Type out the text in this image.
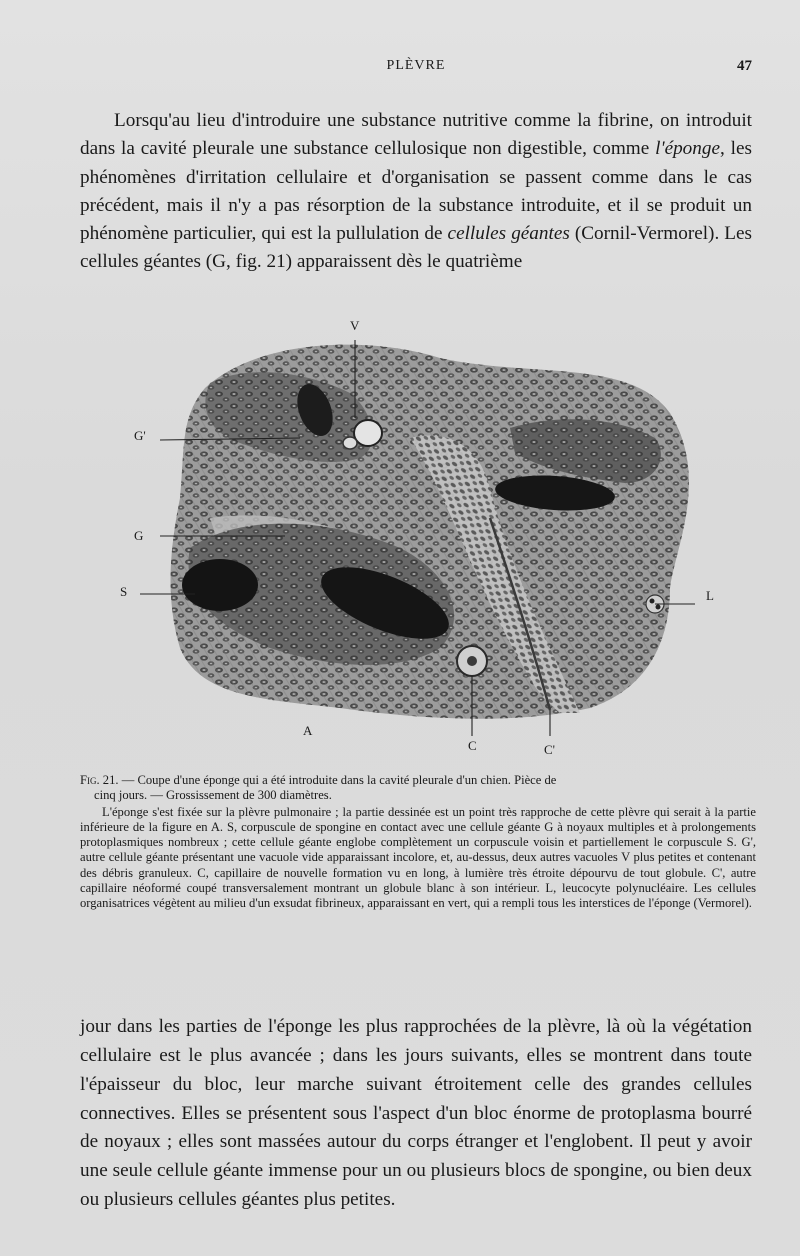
PLÈVRE	47

Lorsqu'au lieu d'introduire une substance nutritive comme la fibrine, on introduit dans la cavité pleurale une substance cellulosique non digestible, comme l'éponge, les phénomènes d'irritation cellulaire et d'organisation se passent comme dans le cas précédent, mais il n'y a pas résorption de la substance introduite, et il se produit un phénomène particulier, qui est la pullulation de cellules géantes (Cornil-Vermorel). Les cellules géantes (G, fig. 21) apparaissent dès le quatrième

V
G'
G
S	L
A
C	C'
Fig. 21. — Coupe d'une éponge qui a été introduite dans la cavité pleurale d'un chien. Pièce de
cinq jours. — Grossissement de 300 diamètres.
L'éponge s'est fixée sur la plèvre pulmonaire ; la partie dessinée est un point très rapproche de cette plèvre qui serait à la partie inférieure de la figure en A. S, corpuscule de spongine en contact avec une cellule géante G à noyaux multiples et à prolongements protoplasmiques nombreux ; cette cellule géante englobe complètement un corpuscule voisin et partiellement le corpuscule S. G', autre cellule géante présentant une vacuole vide apparaissant incolore, et, au-dessus, deux autres vacuoles V plus petites et contenant des débris granuleux. C, capillaire de nouvelle formation vu en long, à lumière très étroite dépourvu de tout globule. C', autre capillaire néoformé coupé transversalement montrant un globule blanc à son intérieur. L, leucocyte polynucléaire. Les cellules organisatrices végètent au milieu d'un exsudat fibrineux, apparaissant en vert, qui a rempli tous les interstices de l'éponge (Vermorel).

jour dans les parties de l'éponge les plus rapprochées de la plèvre, là où la végétation cellulaire est le plus avancée ; dans les jours suivants, elles se montrent dans toute l'épaisseur du bloc, leur marche suivant étroitement celle des grandes cellules connectives. Elles se présentent sous l'aspect d'un bloc énorme de protoplasma bourré de noyaux ; elles sont massées autour du corps étranger et l'englobent. Il peut y avoir une seule cellule géante immense pour un ou plusieurs blocs de spongine, ou bien deux ou plusieurs cellules géantes plus petites.
